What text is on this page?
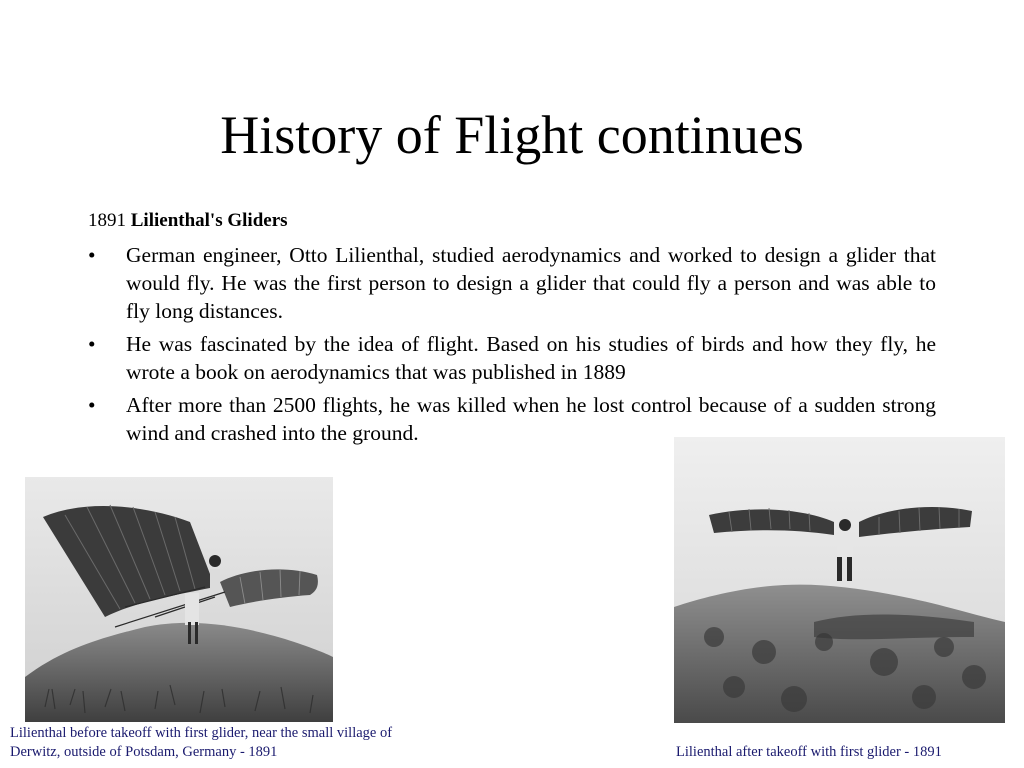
History of Flight continues
1891 Lilienthal's Gliders
• German engineer, Otto Lilienthal, studied aerodynamics and worked to design a glider that would fly. He was the first person to design a glider that could fly a person and was able to fly long distances.
• He was fascinated by the idea of flight. Based on his studies of birds and how they fly, he wrote a book on aerodynamics that was published in 1889
• After more than 2500 flights, he was killed when he lost control because of a sudden strong wind and crashed into the ground.
Lilienthal before takeoff with first glider, near the small village of
Derwitz, outside of Potsdam, Germany - 1891	Lilienthal after takeoff with first glider - 1891
